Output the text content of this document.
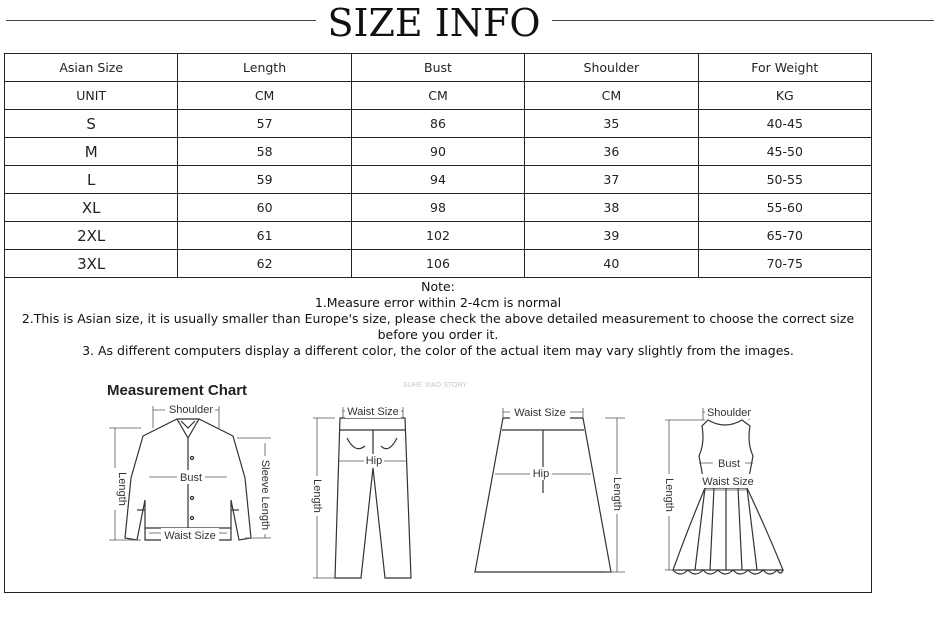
SIZE INFO
Asian Size	Length	Bust	Shoulder	For Weight
UNIT	CM	CM	CM	KG
S	57	86	35	40-45
M	58	90	36	45-50
L	59	94	37	50-55
XL	60	98	38	55-60
2XL	61	102	39	65-70
3XL	62	106	40	70-75
Note:
1.Measure error within 2-4cm is normal
2.This is Asian size, it is usually smaller than Europe's size, please check the above detailed measurement to choose the correct size before you order it.
3. As different computers display a different color, the color of the actual item may vary slightly from the images.
Measurement Chart	SURE XIAO STORY
Shoulder
Bust
Waist Size
Length	Sleeve Length
Waist Size
Hip
Length
Waist Size
Hip
Length
Shoulder
Bust
Waist Size
Length
